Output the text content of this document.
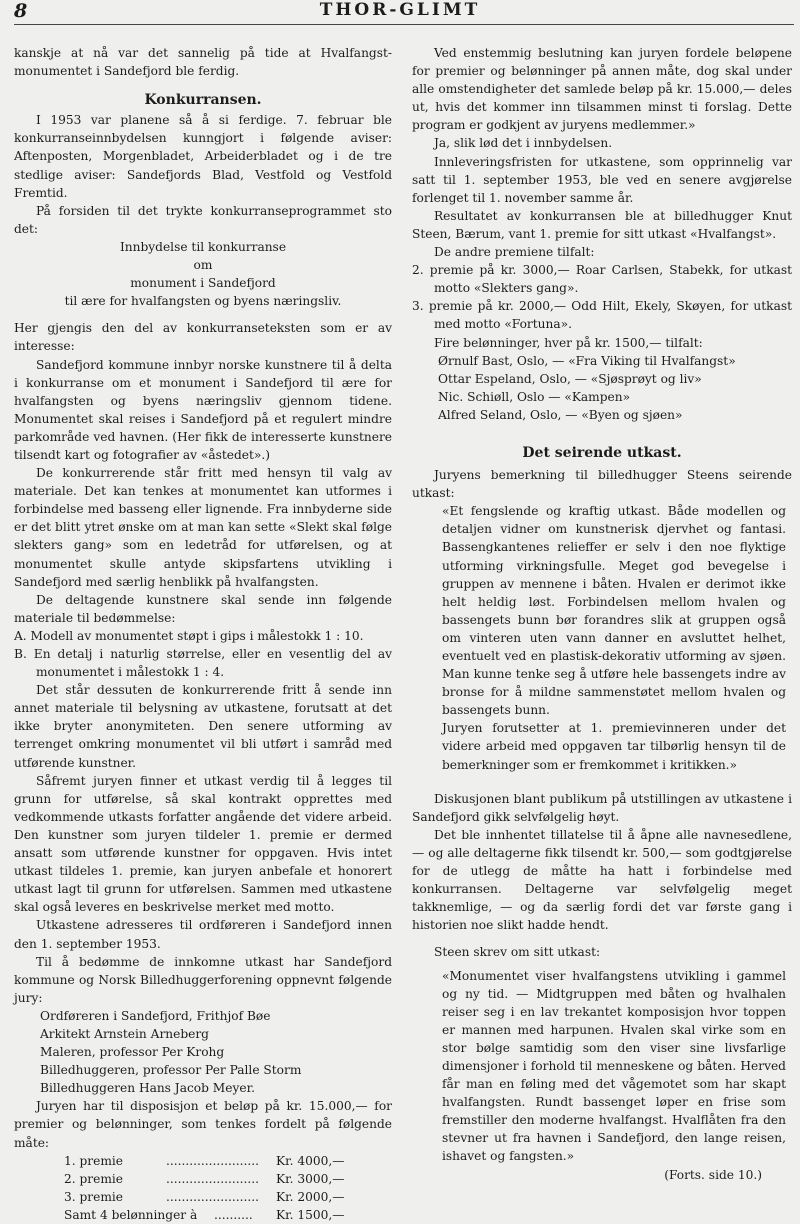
8	THOR-GLIMT

kanskje at nå var det sannelig på tide at Hvalfangst-monumentet i Sandefjord ble ferdig.

Konkurransen.

I 1953 var planene så å si ferdige. 7. februar ble konkurranseinnbydelsen kunngjort i følgende aviser: Aftenposten, Morgenbladet, Arbeiderbladet og i de tre stedlige aviser: Sandefjords Blad, Vestfold og Vestfold Fremtid.

På forsiden til det trykte konkurranseprogrammet sto det:

Innbydelse til konkurranse
om
monument i Sandefjord
til ære for hvalfangsten og byens næringsliv.

Her gjengis den del av konkurranseteksten som er av interesse:

Sandefjord kommune innbyr norske kunstnere til å delta i konkurranse om et monument i Sandefjord til ære for hvalfangsten og byens næringsliv gjennom tidene. Monumentet skal reises i Sandefjord på et regulert mindre parkområde ved havnen. (Her fikk de interesserte kunstnere tilsendt kart og fotografier av «åstedet».)

De konkurrerende står fritt med hensyn til valg av materiale. Det kan tenkes at monumentet kan utformes i forbindelse med basseng eller lignende. Fra innbyderne side er det blitt ytret ønske om at man kan sette «Slekt skal følge slekters gang» som en ledetråd for utførelsen, og at monumentet skulle antyde skipsfartens utvikling i Sandefjord med særlig henblikk på hvalfangsten.

De deltagende kunstnere skal sende inn følgende materiale til bedømmelse:

A. Modell av monumentet støpt i gips i målestokk 1 : 10.

B. En detalj i naturlig størrelse, eller en vesentlig del av monumentet i målestokk 1 : 4.

Det står dessuten de konkurrerende fritt å sende inn annet materiale til belysning av utkastene, forutsatt at det ikke bryter anonymiteten. Den senere utforming av terrenget omkring monumentet vil bli utført i samråd med utførende kunstner.

Såfremt juryen finner et utkast verdig til å legges til grunn for utførelse, så skal kontrakt opprettes med vedkommende utkasts forfatter angående det videre arbeid. Den kunstner som juryen tildeler 1. premie er dermed ansatt som utførende kunstner for oppgaven. Hvis intet utkast tildeles 1. premie, kan juryen anbefale et honorert utkast lagt til grunn for utførelsen. Sammen med utkastene skal også leveres en beskrivelse merket med motto.

Utkastene adresseres til ordføreren i Sandefjord innen den 1. september 1953.

Til å bedømme de innkomne utkast har Sandefjord kommune og Norsk Billedhuggerforening oppnevnt følgende jury:

Ordføreren i Sandefjord, Frithjof Bøe
Arkitekt Arnstein Arneberg
Maleren, professor Per Krohg
Billedhuggeren, professor Per Palle Storm
Billedhuggeren Hans Jacob Meyer.

Juryen har til disposisjon et beløp på kr. 15.000,— for premier og belønninger, som tenkes fordelt på følgende måte:

1. premie	........................	Kr. 4000,—
2. premie	........................	Kr. 3000,—
3. premie	........................	Kr. 2000,—
Samt 4 belønninger à	..........	Kr. 1500,—

Ved enstemmig beslutning kan juryen fordele beløpene for premier og belønninger på annen måte, dog skal under alle omstendigheter det samlede beløp på kr. 15.000,— deles ut, hvis det kommer inn tilsammen minst ti forslag. Dette program er godkjent av juryens medlemmer.»

Ja, slik lød det i innbydelsen.

Innleveringsfristen for utkastene, som opprinnelig var satt til 1. september 1953, ble ved en senere avgjørelse forlenget til 1. november samme år.

Resultatet av konkurransen ble at billedhugger Knut Steen, Bærum, vant 1. premie for sitt utkast «Hvalfangst».

De andre premiene tilfalt:

2. premie på kr. 3000,— Roar Carlsen, Stabekk, for utkast motto «Slekters gang».

3. premie på kr. 2000,— Odd Hilt, Ekely, Skøyen, for utkast med motto «Fortuna».

Fire belønninger, hver på kr. 1500,— tilfalt:

Ørnulf Bast, Oslo, — «Fra Viking til Hvalfangst»
Ottar Espeland, Oslo, — «Sjøsprøyt og liv»
Nic. Schiøll, Oslo — «Kampen»
Alfred Seland, Oslo, — «Byen og sjøen»
Det seirende utkast.

Juryens bemerkning til billedhugger Steens seirende utkast:

«Et fengslende og kraftig utkast. Både modellen og detaljen vidner om kunstnerisk djervhet og fantasi. Bassengkantenes relieffer er selv i den noe flyktige utforming virkningsfulle. Meget god bevegelse i gruppen av mennene i båten. Hvalen er derimot ikke helt heldig løst. Forbindelsen mellom hvalen og bassengets bunn bør forandres slik at gruppen også om vinteren uten vann danner en avsluttet helhet, eventuelt ved en plastisk-dekorativ utforming av sjøen. Man kunne tenke seg å utføre hele bassengets indre av bronse for å mildne sammenstøtet mellom hvalen og bassengets bunn.

Juryen forutsetter at 1. premievinneren under det videre arbeid med oppgaven tar tilbørlig hensyn til de bemerkninger som er fremkommet i kritikken.»

Diskusjonen blant publikum på utstillingen av utkastene i Sandefjord gikk selvfølgelig høyt.

Det ble innhentet tillatelse til å åpne alle navnesedlene, — og alle deltagerne fikk tilsendt kr. 500,— som godtgjørelse for de utlegg de måtte ha hatt i forbindelse med konkurransen. Deltagerne var selvfølgelig meget takknemlige, — og da særlig fordi det var første gang i historien noe slikt hadde hendt.

Steen skrev om sitt utkast:

«Monumentet viser hvalfangstens utvikling i gammel og ny tid. — Midtgruppen med båten og hvalhalen reiser seg i en lav trekantet komposisjon hvor toppen er mannen med harpunen. Hvalen skal virke som en stor bølge samtidig som den viser sine livsfarlige dimensjoner i forhold til menneskene og båten. Herved får man en føling med det vågemotet som har skapt hvalfangsten. Rundt bassenget løper en frise som fremstiller den moderne hvalfangst. Hvalflåten fra den stevner ut fra havnen i Sandefjord, den lange reisen, ishavet og fangsten.»

(Forts. side 10.)
